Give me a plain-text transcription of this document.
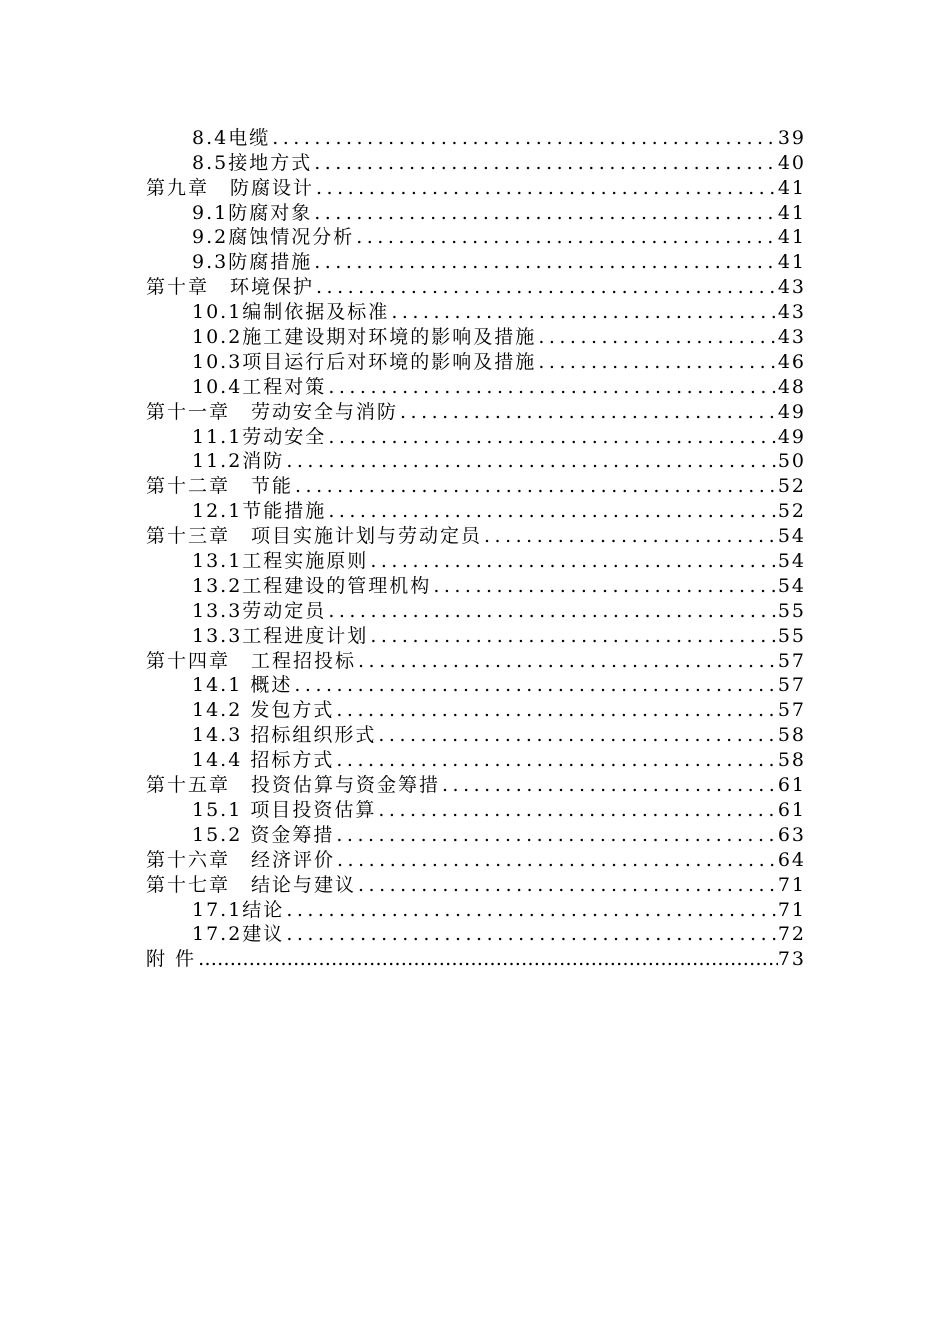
8.4电缆 .....	39
8.5接地方式 .....	40
第九章　防腐设计 .....	41
9.1防腐对象 .....	41
9.2腐蚀情况分析 .....	41
9.3防腐措施 .....	41
第十章　环境保护 .....	43
10.1编制依据及标准 .....	43
10.2施工建设期对环境的影响及措施 .....	43
10.3项目运行后对环境的影响及措施 .....	46
10.4工程对策 .....	48
第十一章　劳动安全与消防 .....	49
11.1劳动安全 .....	49
11.2消防 .....	50
第十二章　节能 .....	52
12.1节能措施 .....	52
第十三章　项目实施计划与劳动定员 .....	54
13.1工程实施原则 .....	54
13.2工程建设的管理机构 .....	54
13.3劳动定员 .....	55
13.3工程进度计划 .....	55
第十四章　工程招投标 .....	57
14.1 概述 .....	57
14.2 发包方式 .....	57
14.3 招标组织形式 .....	58
14.4 招标方式 .....	58
第十五章　投资估算与资金筹措 .....	61
15.1 项目投资估算 .....	61
15.2 资金筹措 .....	63
第十六章　经济评价 .....	64
第十七章　结论与建议 .....	71
17.1结论 .....	71
17.2建议 .....	72
附 件 ……………………………………………………………………………………………………………………	73
